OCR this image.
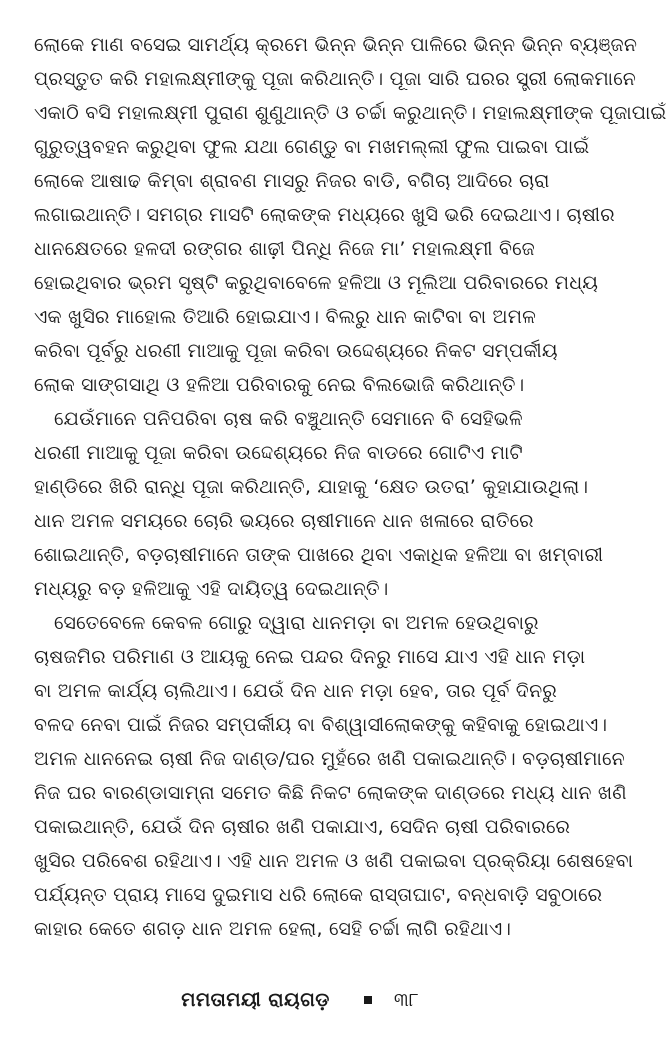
ଲୋକେ ମାଣ ବସେଇ ସାମର୍ଥ୍ୟ କ୍ରମେ ଭିନ୍ନ ଭିନ୍ନ ପାଳିରେ ଭିନ୍ନ ଭିନ୍ନ ବ୍ୟଞ୍ଜନ
ପ୍ରସ୍ତୁତ କରି ମହାଲକ୍ଷ୍ମୀଙ୍କୁ ପୂଜା କରିଥାନ୍ତି। ପୂଜା ସାରି ଘରର ସ୍ତ୍ରୀ ଲୋକମାନେ
ଏକାଠି ବସି ମହାଲକ୍ଷ୍ମୀ ପୁରାଣ ଶୁଣୁଥାନ୍ତି ଓ ଚର୍ଚ୍ଚା କରୁଥାନ୍ତି। ମହାଲକ୍ଷ୍ମୀଙ୍କ ପୂଜାପାଇଁ
ଗୁରୁତ୍ୱବହନ କରୁଥିବା ଫୁଲ ଯଥା ଗେଣ୍ଡୁ ବା ମଖମଲ୍ଲୀ ଫୁଲ ପାଇବା ପାଇଁ
ଲୋକେ ଆଷାଢ କିମ୍ବା ଶ୍ରାବଣ ମାସରୁ ନିଜର ବାଡି, ବଗିଚା ଆଦିରେ ଚାରା
ଲଗାଇଥାନ୍ତି। ସମଗ୍ର ମାସଟି ଲୋକଙ୍କ ମଧ୍ୟରେ ଖୁସି ଭରି ଦେଇଥାଏ। ଚାଷୀର
ଧାନକ୍ଷେତରେ ହଳଦୀ ରଙ୍ଗର ଶାଢ଼ୀ ପିନ୍ଧି ନିଜେ ମା’ ମହାଲକ୍ଷ୍ମୀ ବିଜେ
ହୋଇଥିବାର ଭ୍ରମ ସୃଷ୍ଟି କରୁଥିବାବେଳେ ହଳିଆ ଓ ମୂଲିଆ ପରିବାରରେ ମଧ୍ୟ
ଏକ ଖୁସିର ମାହୋଲ ତିଆରି ହୋଇଯାଏ। ବିଲରୁ ଧାନ କାଟିବା ବା ଅମଳ
କରିବା ପୂର୍ବରୁ ଧରଣୀ ମାଆକୁ ପୂଜା କରିବା ଉଦ୍ଦେଶ୍ୟରେ ନିକଟ ସମ୍ପର୍କୀୟ
ଲୋକ ସାଙ୍ଗସାଥି ଓ ହଳିଆ ପରିବାରକୁ ନେଇ ବିଲଭୋଜି କରିଥାନ୍ତି।
ଯେଉଁମାନେ ପନିପରିବା ଚାଷ କରି ବଞ୍ଚୁଥାନ୍ତି ସେମାନେ ବି ସେହିଭଳି
ଧରଣୀ ମାଆକୁ ପୂଜା କରିବା ଉଦ୍ଦେଶ୍ୟରେ ନିଜ ବାଡରେ ଗୋଟିଏ ମାଟି
ହାଣ୍ଡିରେ ଖିରି ରାନ୍ଧି ପୂଜା କରିଥାନ୍ତି, ଯାହାକୁ ‘କ୍ଷେତ ଉତରା’ କୁହାଯାଉଥିଲା।
ଧାନ ଅମଳ ସମୟରେ ଚୋରି ଭୟରେ ଚାଷୀମାନେ ଧାନ ଖଳାରେ ରାତିରେ
ଶୋଇଥାନ୍ତି, ବଡ଼ଚାଷୀମାନେ ତାଙ୍କ ପାଖରେ ଥିବା ଏକାଧିକ ହଳିଆ ବା ଖମ୍ବାରୀ
ମଧ୍ୟରୁ ବଡ଼ ହଳିଆକୁ ଏହି ଦାୟିତ୍ୱ ଦେଇଥାନ୍ତି।
ସେତେବେଳେ କେବଳ ଗୋରୁ ଦ୍ୱାରା ଧାନମଡ଼ା ବା ଅମଳ ହେଉଥିବାରୁ
ଚାଷଜମିର ପରିମାଣ ଓ ଆୟକୁ ନେଇ ପନ୍ଦର ଦିନରୁ ମାସେ ଯାଏ ଏହି ଧାନ ମଡ଼ା
ବା ଅମଳ କାର୍ଯ୍ୟ ଚାଲିଥାଏ। ଯେଉଁ ଦିନ ଧାନ ମଡ଼ା ହେବ, ତାର ପୂର୍ବ ଦିନରୁ
ବଳଦ ନେବା ପାଇଁ ନିଜର ସମ୍ପର୍କୀୟ ବା ବିଶ୍ୱାସୀଲୋକଙ୍କୁ କହିବାକୁ ହୋଇଥାଏ।
ଅମଳ ଧାନନେଇ ଚାଷୀ ନିଜ ଦାଣ୍ଡ/ଘର ମୁହଁରେ ଖଣି ପକାଇଥାନ୍ତି। ବଡ଼ଚାଷୀମାନେ
ନିଜ ଘର ବାରଣ୍ଡାସାମ୍ନା ସମେତ କିଛି ନିକଟ ଲୋକଙ୍କ ଦାଣ୍ଡରେ ମଧ୍ୟ ଧାନ ଖଣି
ପକାଇଥାନ୍ତି, ଯେଉଁ ଦିନ ଚାଷୀର ଖଣି ପକାଯାଏ, ସେଦିନ ଚାଷୀ ପରିବାରରେ
ଖୁସିର ପରିବେଶ ରହିଥାଏ। ଏହି ଧାନ ଅମଳ ଓ ଖଣି ପକାଇବା ପ୍ରକ୍ରିୟା ଶେଷହେବା
ପର୍ଯ୍ୟନ୍ତ ପ୍ରାୟ ମାସେ ଦୁଇମାସ ଧରି ଲୋକେ ରାସ୍ତାଘାଟ, ବନ୍ଧବାଡ଼ି ସବୁଠାରେ
କାହାର କେତେ ଶଗଡ଼ ଧାନ ଅମଳ ହେଲା, ସେହି ଚର୍ଚ୍ଚା ଲାଗି ରହିଥାଏ।
ମମତାମୟୀ ରାୟଗଡ଼	୩୮
